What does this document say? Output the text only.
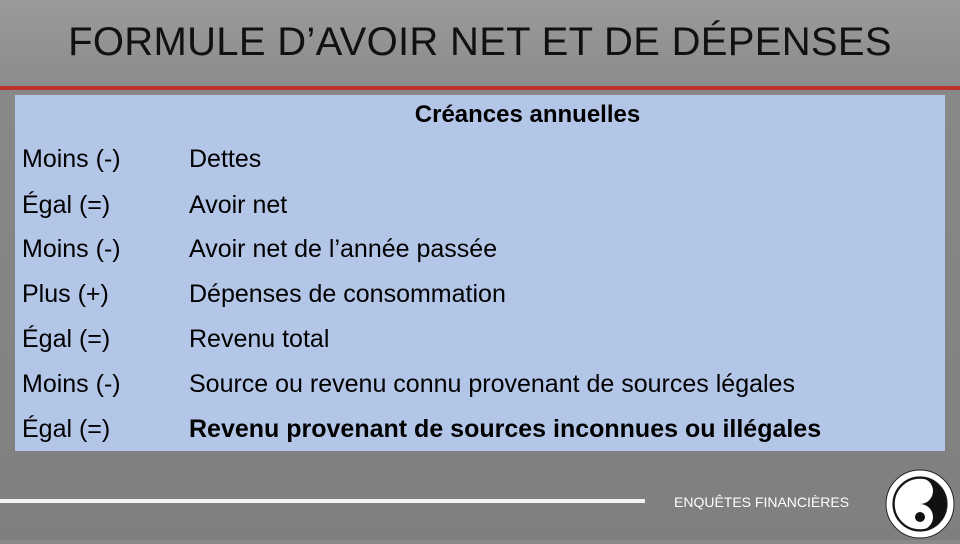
FORMULE D’AVOIR NET ET DE DÉPENSES
Créances annuelles
Moins (-)	Dettes
Égal (=)	Avoir net
Moins (-)	Avoir net de l’année passée
Plus (+)	Dépenses de consommation
Égal (=)	Revenu total
Moins (-)	Source ou revenu connu provenant de sources légales
Égal (=)	Revenu provenant de sources inconnues ou illégales
ENQUÊTES FINANCIÈRES
